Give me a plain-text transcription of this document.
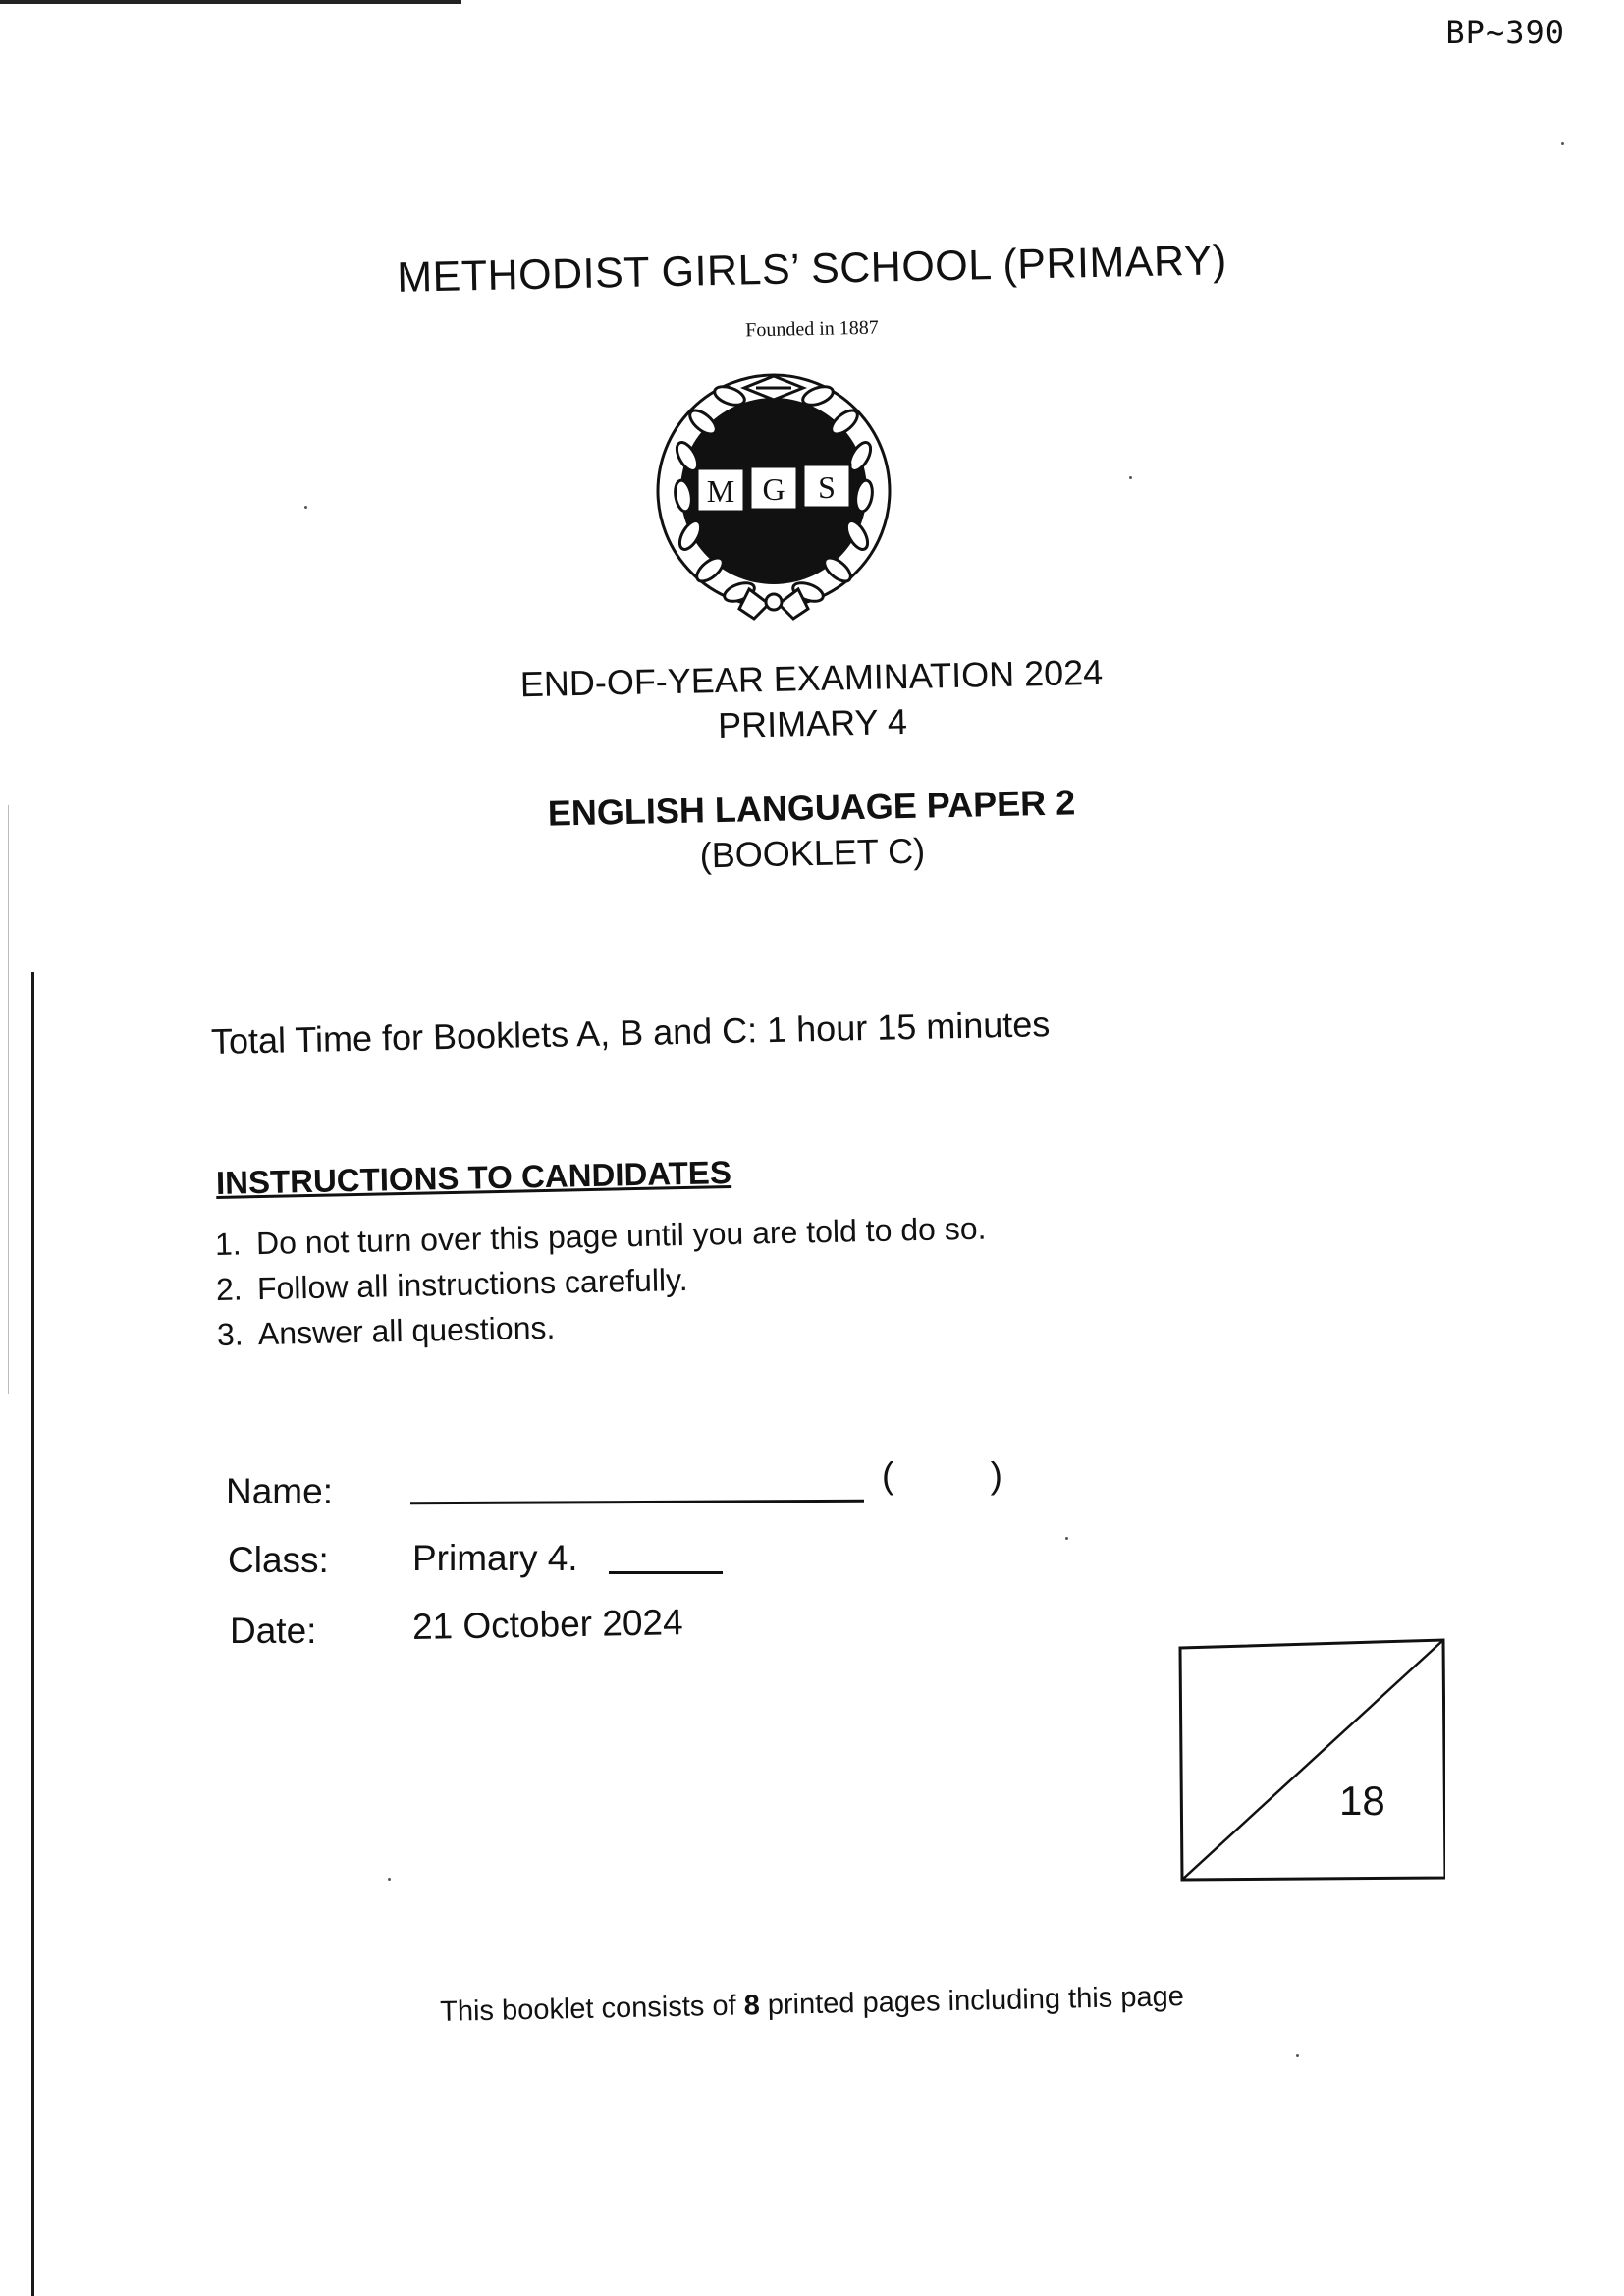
BP~390
METHODIST GIRLS’ SCHOOL (PRIMARY)
Founded in 1887
M G S
END-OF-YEAR EXAMINATION 2024
PRIMARY 4
ENGLISH LANGUAGE PAPER 2
(BOOKLET C)
Total Time for Booklets A, B and C: 1 hour 15 minutes
INSTRUCTIONS TO CANDIDATES
1. Do not turn over this page until you are told to do so.
2. Follow all instructions carefully.
3. Answer all questions.
Name:	( )
Class: Primary 4.
Date:	21 October 2024
18
This booklet consists of 8 printed pages including this page
